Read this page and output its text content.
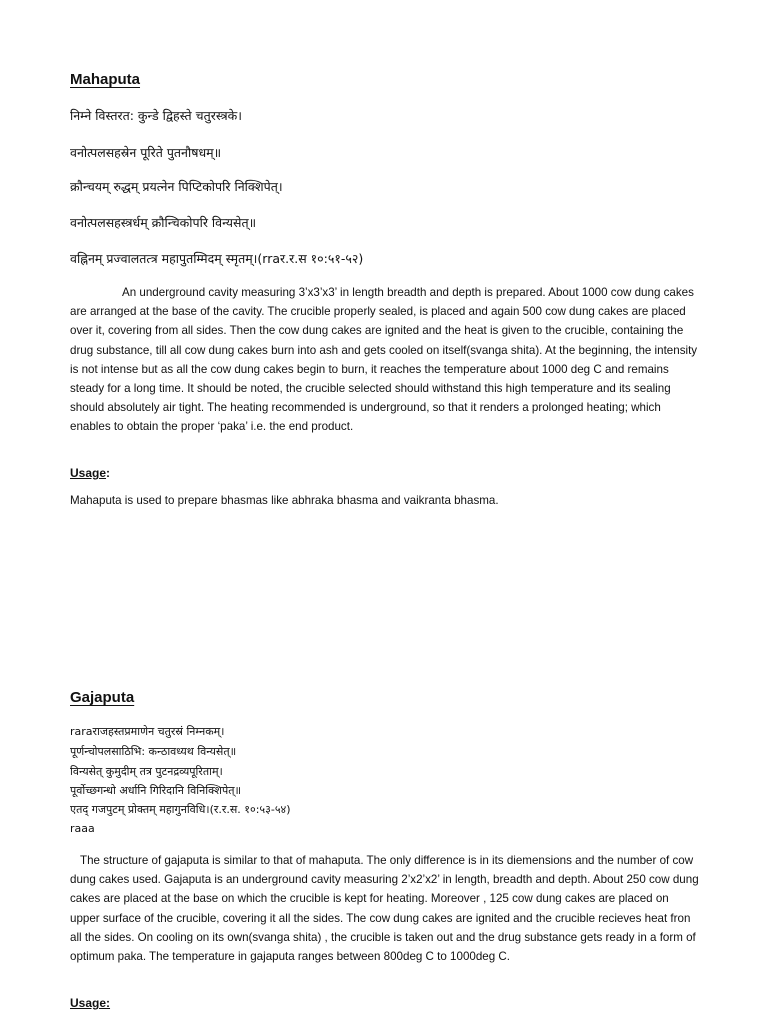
Mahaputa
निम्ने विस्तरत: कुन्डे द्विहस्ते चतुरस्त्रके।
वनोत्पलसहस्रेन पूरिते पुतनौषधम्॥
क्रौन्चयम् रुद्धम् प्रयत्नेन पिप्टिकोपरि निक्शिपेत्।
वनोत्पलसहस्त्रर्धम् क्रौन्चिकोपरि विन्यसेत्॥
वह्निनम् प्रज्वालतत्त्र महापुतम्मिदम् स्मृतम्।(rraर.र.स १०:५१-५२)

An underground cavity measuring 3’x3’x3’ in length breadth and depth is prepared. About 1000 cow dung cakes are arranged at the base of the cavity. The crucible properly sealed, is placed and again 500 cow dung cakes are placed over it, covering from all sides. Then the cow dung cakes are ignited and the heat is given to the crucible, containing the drug substance, till all cow dung cakes burn into ash and gets cooled on itself(svanga shita). At the beginning, the intensity is not intense but as all the cow dung cakes begin to burn, it reaches the temperature about 1000 deg C and remains steady for a long time. It should be noted, the crucible selected should withstand this high temperature and its sealing should absolutely air tight. The heating recommended is underground, so that it renders a prolonged heating; which enables to obtain the proper ‘paka’ i.e. the end product.

Usage:
Mahaputa is used to prepare bhasmas like abhraka bhasma and vaikranta bhasma.
Gajaputa
raraराजहस्तप्रमाणेन चतुरस्रं निम्नकम्।
पूर्णन्चोपलसाठिभि: कन्ठावध्यथ विन्यसेत्॥
विन्यसेत् कुमुदीम् तत्र पुटनद्रव्यपूरिताम्।
पूर्वोच्छगन्धो अर्धानि गिरिदानि विनिक्शिपेत्॥
एतद् गजपुटम् प्रोक्तम् महागुनविधि।(र.र.स. १०:५३-५४)
raaa

The structure of gajaputa is similar to that of mahaputa. The only difference is in its diemensions and the number of cow dung cakes used. Gajaputa is an underground cavity measuring 2’x2’x2’ in length, breadth and depth. About 250 cow dung cakes are placed at the base on which the crucible is kept for heating. Moreover , 125 cow dung cakes are placed on upper surface of the crucible, covering it all the sides. The cow dung cakes are ignited and the crucible recieves heat fron all the sides. On cooling on its own(svanga shita) , the crucible is taken out and the drug substance gets ready in a form of optimum paka. The temperature in gajaputa ranges between 800deg C to 1000deg C.

Usage:
